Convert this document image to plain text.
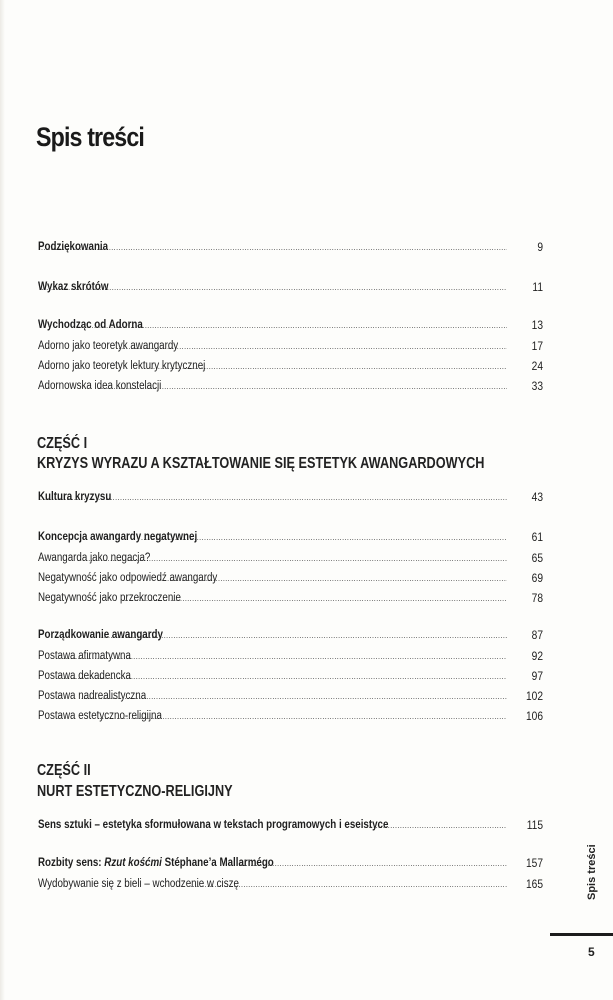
Spis treści
Podziękowania .....	9
Wykaz skrótów .....	11
Wychodząc od Adorna .....	13
Adorno jako teoretyk awangardy .....	17
Adorno jako teoretyk lektury krytycznej .....	24
Adornowska idea konstelacji .....	33
CZĘŚĆ I
KRYZYS WYRAZU A KSZTAŁTOWANIE SIĘ ESTETYK AWANGARDOWYCH
Kultura kryzysu .....	43
Koncepcja awangardy negatywnej .....	61
Awangarda jako negacja? .....	65
Negatywność jako odpowiedź awangardy .....	69
Negatywność jako przekroczenie .....	78
Porządkowanie awangardy .....	87
Postawa afirmatywna .....	92
Postawa dekadencka .....	97
Postawa nadrealistyczna .....	102
Postawa estetyczno-religijna .....	106
CZĘŚĆ II
NURT ESTETYCZNO-RELIGIJNY
Sens sztuki – estetyka sformułowana w tekstach programowych i eseistyce .....	115
Rozbity sens: Rzut kośćmi Stéphane’a Mallarmégo .....	157
Wydobywanie się z bieli – wchodzenie w ciszę .....	165	Spis treści
5
